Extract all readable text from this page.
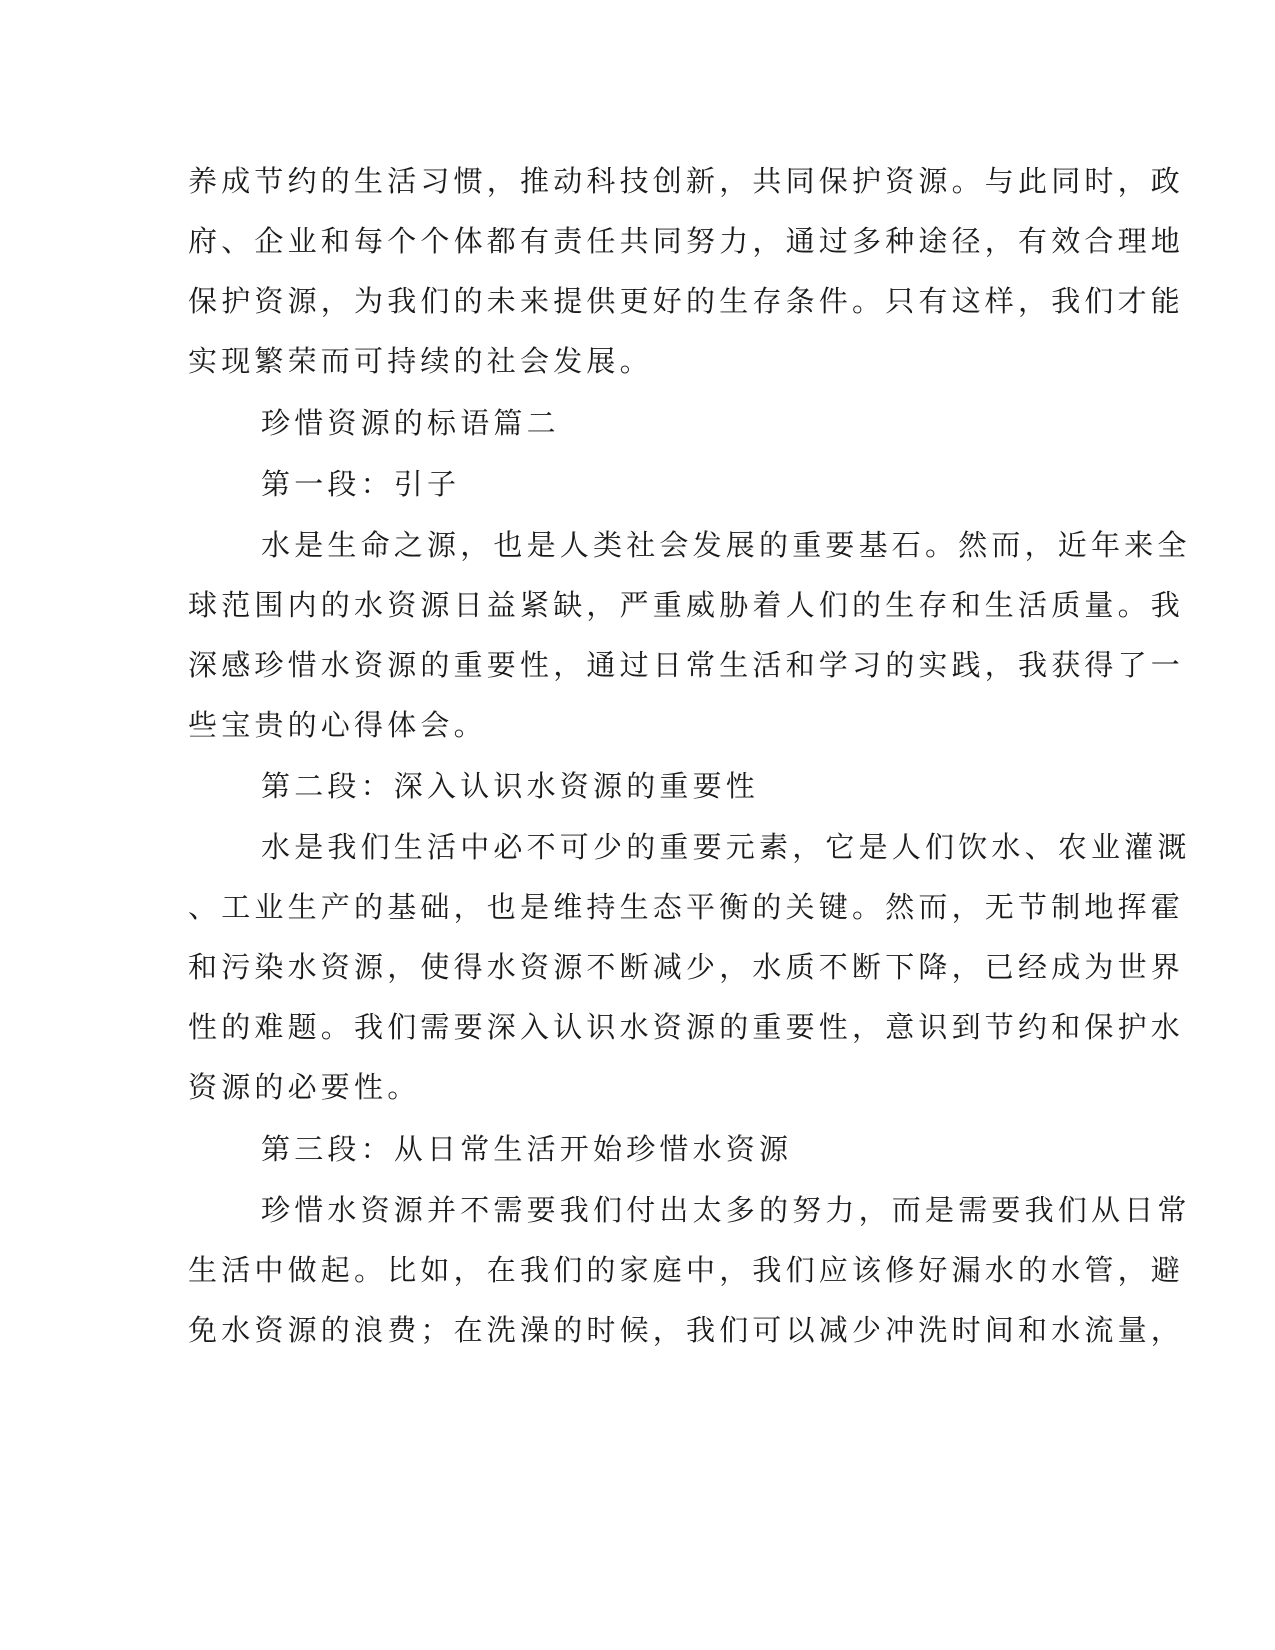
养成节约的生活习惯，推动科技创新，共同保护资源。与此同时，政
府、企业和每个个体都有责任共同努力，通过多种途径，有效合理地
保护资源，为我们的未来提供更好的生存条件。只有这样，我们才能
实现繁荣而可持续的社会发展。
珍惜资源的标语篇二
第一段：引子
水是生命之源，也是人类社会发展的重要基石。然而，近年来全
球范围内的水资源日益紧缺，严重威胁着人们的生存和生活质量。我
深感珍惜水资源的重要性，通过日常生活和学习的实践，我获得了一
些宝贵的心得体会。
第二段：深入认识水资源的重要性
水是我们生活中必不可少的重要元素，它是人们饮水、农业灌溉
、工业生产的基础，也是维持生态平衡的关键。然而，无节制地挥霍
和污染水资源，使得水资源不断减少，水质不断下降，已经成为世界
性的难题。我们需要深入认识水资源的重要性，意识到节约和保护水
资源的必要性。
第三段：从日常生活开始珍惜水资源
珍惜水资源并不需要我们付出太多的努力，而是需要我们从日常
生活中做起。比如，在我们的家庭中，我们应该修好漏水的水管，避
免水资源的浪费；在洗澡的时候，我们可以减少冲洗时间和水流量，
